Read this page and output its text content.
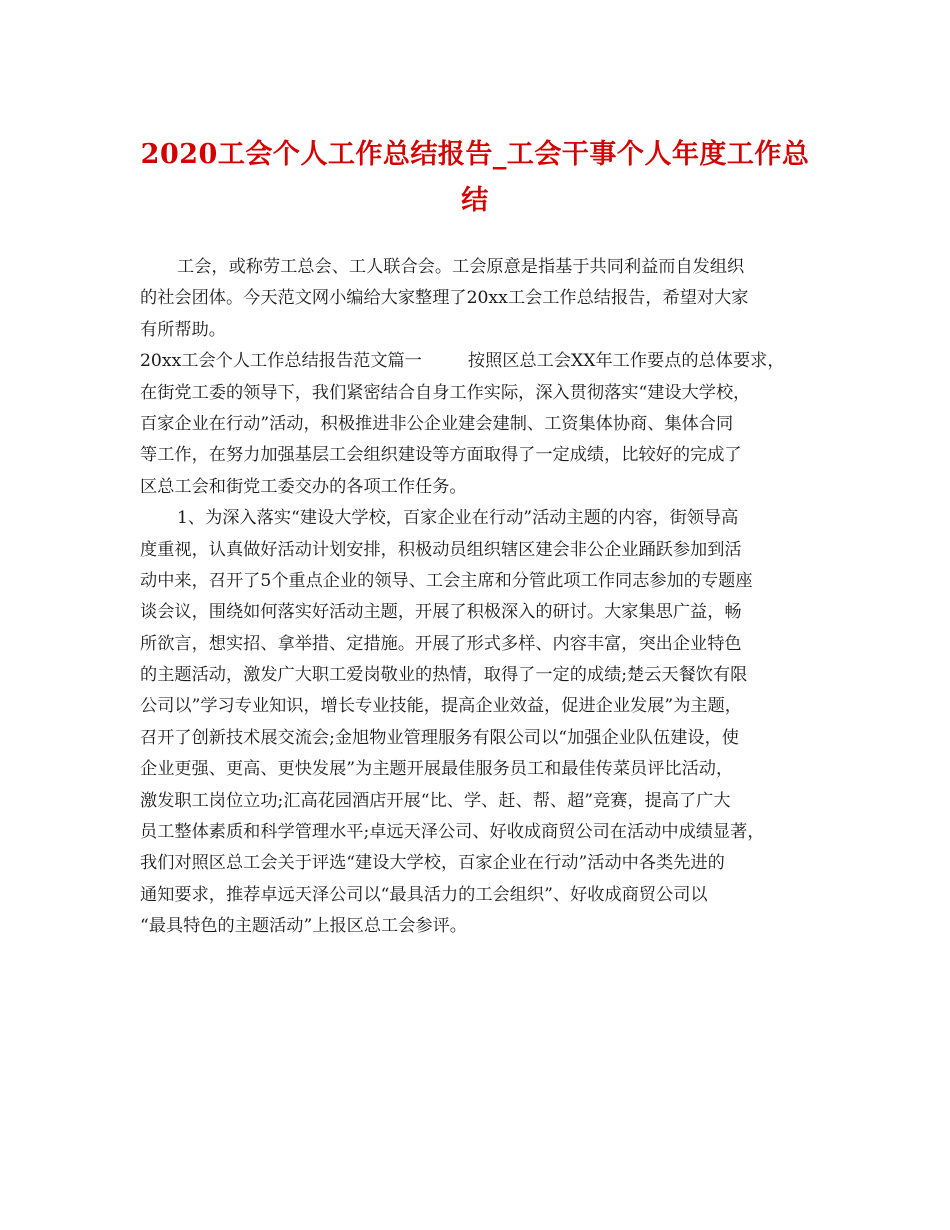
2020工会个人工作总结报告_工会干事个人年度工作总
结
工会，或称劳工总会、工人联合会。工会原意是指基于共同利益而自发组织
的社会团体。今天范文网小编给大家整理了20xx工会工作总结报告，希望对大家
有所帮助。
20xx工会个人工作总结报告范文篇一	按照区总工会XX年工作要点的总体要求，
在街党工委的领导下，我们紧密结合自身工作实际，深入贯彻落实“建设大学校，
百家企业在行动”活动，积极推进非公企业建会建制、工资集体协商、集体合同
等工作，在努力加强基层工会组织建设等方面取得了一定成绩，比较好的完成了
区总工会和街党工委交办的各项工作任务。
1、为深入落实“建设大学校，百家企业在行动”活动主题的内容，街领导高
度重视，认真做好活动计划安排，积极动员组织辖区建会非公企业踊跃参加到活
动中来，召开了5个重点企业的领导、工会主席和分管此项工作同志参加的专题座
谈会议，围绕如何落实好活动主题，开展了积极深入的研讨。大家集思广益，畅
所欲言，想实招、拿举措、定措施。开展了形式多样、内容丰富，突出企业特色
的主题活动，激发广大职工爱岗敬业的热情，取得了一定的成绩;楚云天餐饮有限
公司以”学习专业知识，增长专业技能，提高企业效益，促进企业发展”为主题，
召开了创新技术展交流会;金旭物业管理服务有限公司以“加强企业队伍建设，使
企业更强、更高、更快发展”为主题开展最佳服务员工和最佳传菜员评比活动，
激发职工岗位立功;汇高花园酒店开展“比、学、赶、帮、超”竞赛，提高了广大
员工整体素质和科学管理水平;卓远天泽公司、好收成商贸公司在活动中成绩显著，
我们对照区总工会关于评选“建设大学校，百家企业在行动”活动中各类先进的
通知要求，推荐卓远天泽公司以“最具活力的工会组织”、好收成商贸公司以
“最具特色的主题活动”上报区总工会参评。
